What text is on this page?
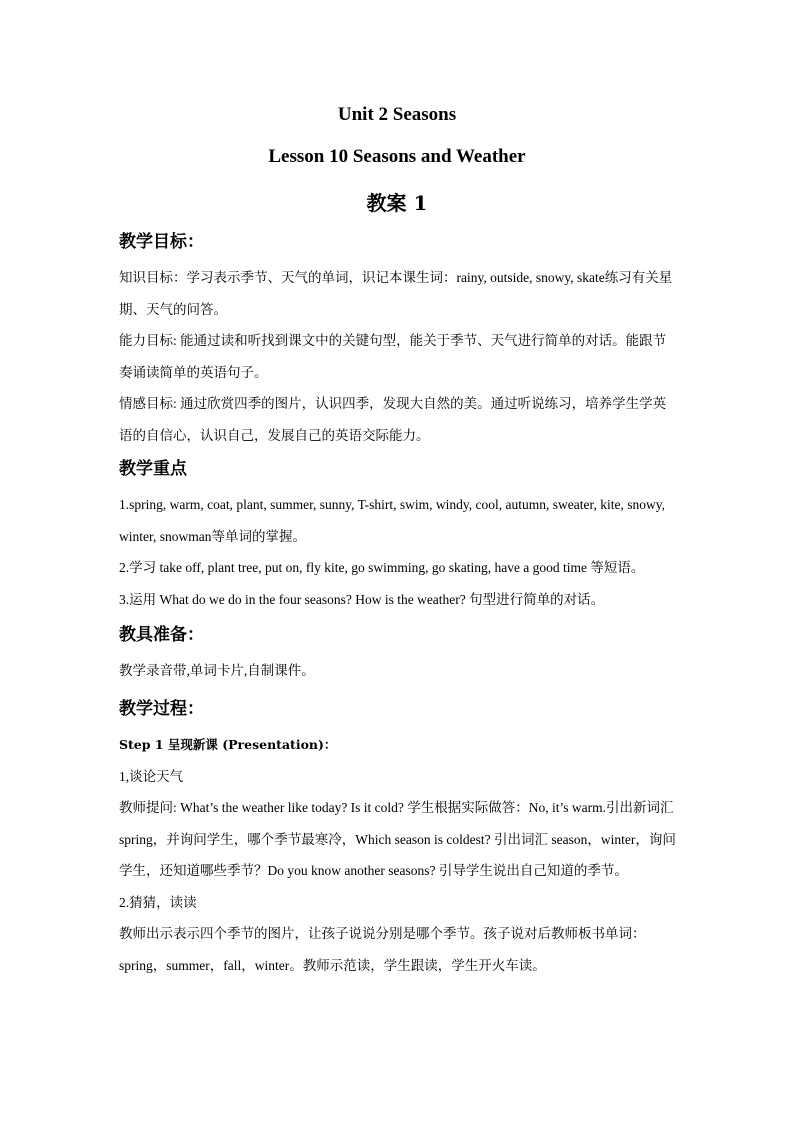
Unit 2 Seasons
Lesson 10 Seasons and Weather
教案 1
教学目标：

知识目标：学习表示季节、天气的单词，识记本课生词：rainy, outside, snowy, skate练习有关星期、天气的问答。

能力目标: 能通过读和听找到课文中的关键句型，能关于季节、天气进行简单的对话。能跟节奏诵读简单的英语句子。

情感目标: 通过欣赏四季的图片，认识四季，发现大自然的美。通过听说练习，培养学生学英语的自信心，认识自己，发展自己的英语交际能力。

教学重点

1.spring, warm, coat, plant, summer, sunny, T-shirt, swim, windy, cool, autumn, sweater, kite, snowy, winter, snowman等单词的掌握。

2.学习 take off, plant tree, put on, fly kite, go swimming, go skating, have a good time 等短语。

3.运用 What do we do in the four seasons? How is the weather? 句型进行简单的对话。

教具准备：

教学录音带,单词卡片,自制课件。

教学过程：

Step 1 呈现新课 (Presentation)：

1,谈论天气

教师提问: What’s the weather like today? Is it cold? 学生根据实际做答：No, it’s warm.引出新词汇 spring，并询问学生，哪个季节最寒冷，Which season is coldest? 引出词汇 season，winter，询问学生，还知道哪些季节？Do you know another seasons? 引导学生说出自己知道的季节。

2.猜猜，读读

教师出示表示四个季节的图片，让孩子说说分别是哪个季节。孩子说对后教师板书单词：spring，summer，fall，winter。教师示范读，学生跟读，学生开火车读。
